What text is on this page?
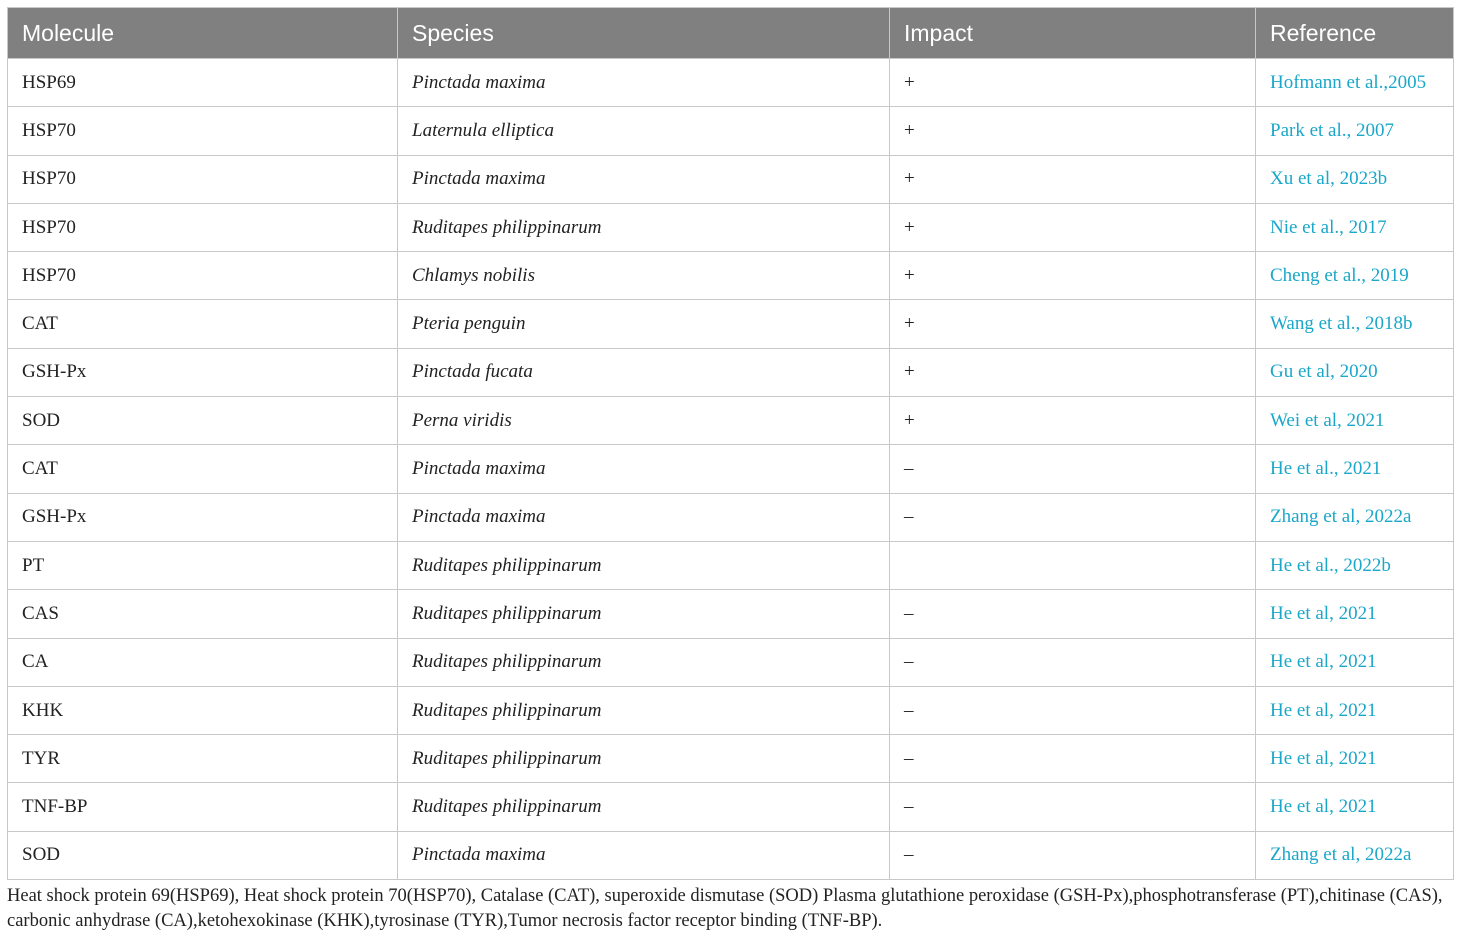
Molecule	Species	Impact	Reference
HSP69	Pinctada maxima	+	Hofmann et al.,2005
HSP70	Laternula elliptica	+	Park et al., 2007
HSP70	Pinctada maxima	+	Xu et al, 2023b
HSP70	Ruditapes philippinarum	+	Nie et al., 2017
HSP70	Chlamys nobilis	+	Cheng et al., 2019
CAT	Pteria penguin	+	Wang et al., 2018b
GSH-Px	Pinctada fucata	+	Gu et al, 2020
SOD	Perna viridis	+	Wei et al, 2021
CAT	Pinctada maxima	–	He et al., 2021
GSH-Px	Pinctada maxima	–	Zhang et al, 2022a
PT	Ruditapes philippinarum		He et al., 2022b
CAS	Ruditapes philippinarum	–	He et al, 2021
CA	Ruditapes philippinarum	–	He et al, 2021
KHK	Ruditapes philippinarum	–	He et al, 2021
TYR	Ruditapes philippinarum	–	He et al, 2021
TNF-BP	Ruditapes philippinarum	–	He et al, 2021
SOD	Pinctada maxima	–	Zhang et al, 2022a
Heat shock protein 69(HSP69), Heat shock protein 70(HSP70), Catalase (CAT), superoxide dismutase (SOD) Plasma glutathione peroxidase (GSH-Px),phosphotransferase (PT),chitinase (CAS), carbonic anhydrase (CA),ketohexokinase (KHK),tyrosinase (TYR),Tumor necrosis factor receptor binding (TNF-BP).
